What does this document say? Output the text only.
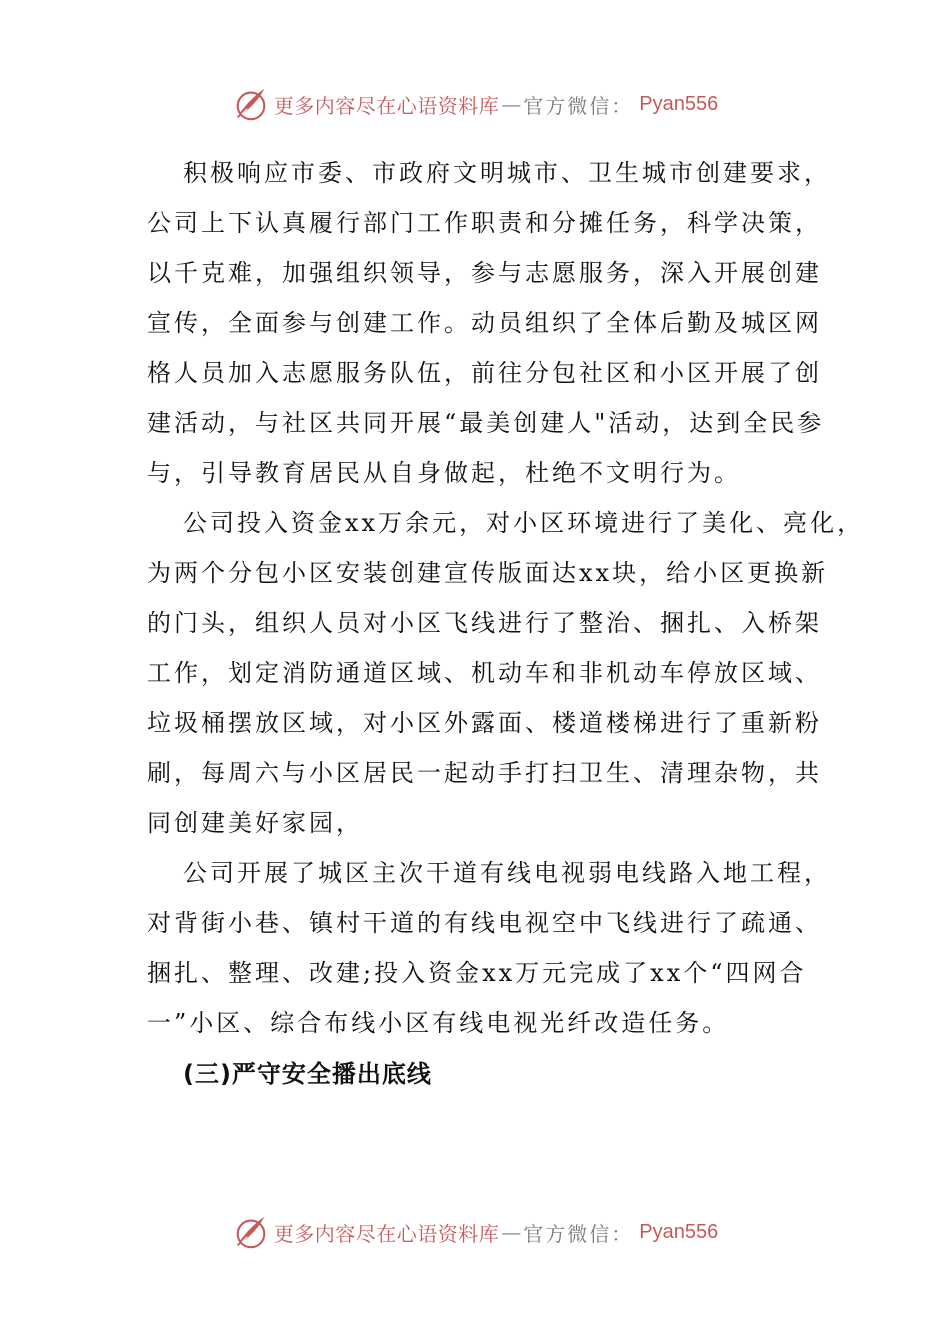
更多内容尽在心语资料库 — 官方微信： Pyan556

积极响应市委、市政府文明城市、卫生城市创建要求，
公司上下认真履行部门工作职责和分摊任务，科学决策，
以千克难，加强组织领导，参与志愿服务，深入开展创建
宣传，全面参与创建工作。动员组织了全体后勤及城区网
格人员加入志愿服务队伍，前往分包社区和小区开展了创
建活动，与社区共同开展“最美创建人"活动，达到全民参
与，引导教育居民从自身做起，杜绝不文明行为。

公司投入资金xx万余元，对小区环境进行了美化、亮化，
为两个分包小区安装创建宣传版面达xx块，给小区更换新
的门头，组织人员对小区飞线进行了整治、捆扎、入桥架
工作，划定消防通道区域、机动车和非机动车停放区域、
垃圾桶摆放区域，对小区外露面、楼道楼梯进行了重新粉
刷，每周六与小区居民一起动手打扫卫生、清理杂物，共
同创建美好家园，

公司开展了城区主次干道有线电视弱电线路入地工程，
对背街小巷、镇村干道的有线电视空中飞线进行了疏通、
捆扎、整理、改建;投入资金xx万元完成了xx个“四网合
一”小区、综合布线小区有线电视光纤改造任务。

(三)严守安全播出底线
更多内容尽在心语资料库 — 官方微信： Pyan556
